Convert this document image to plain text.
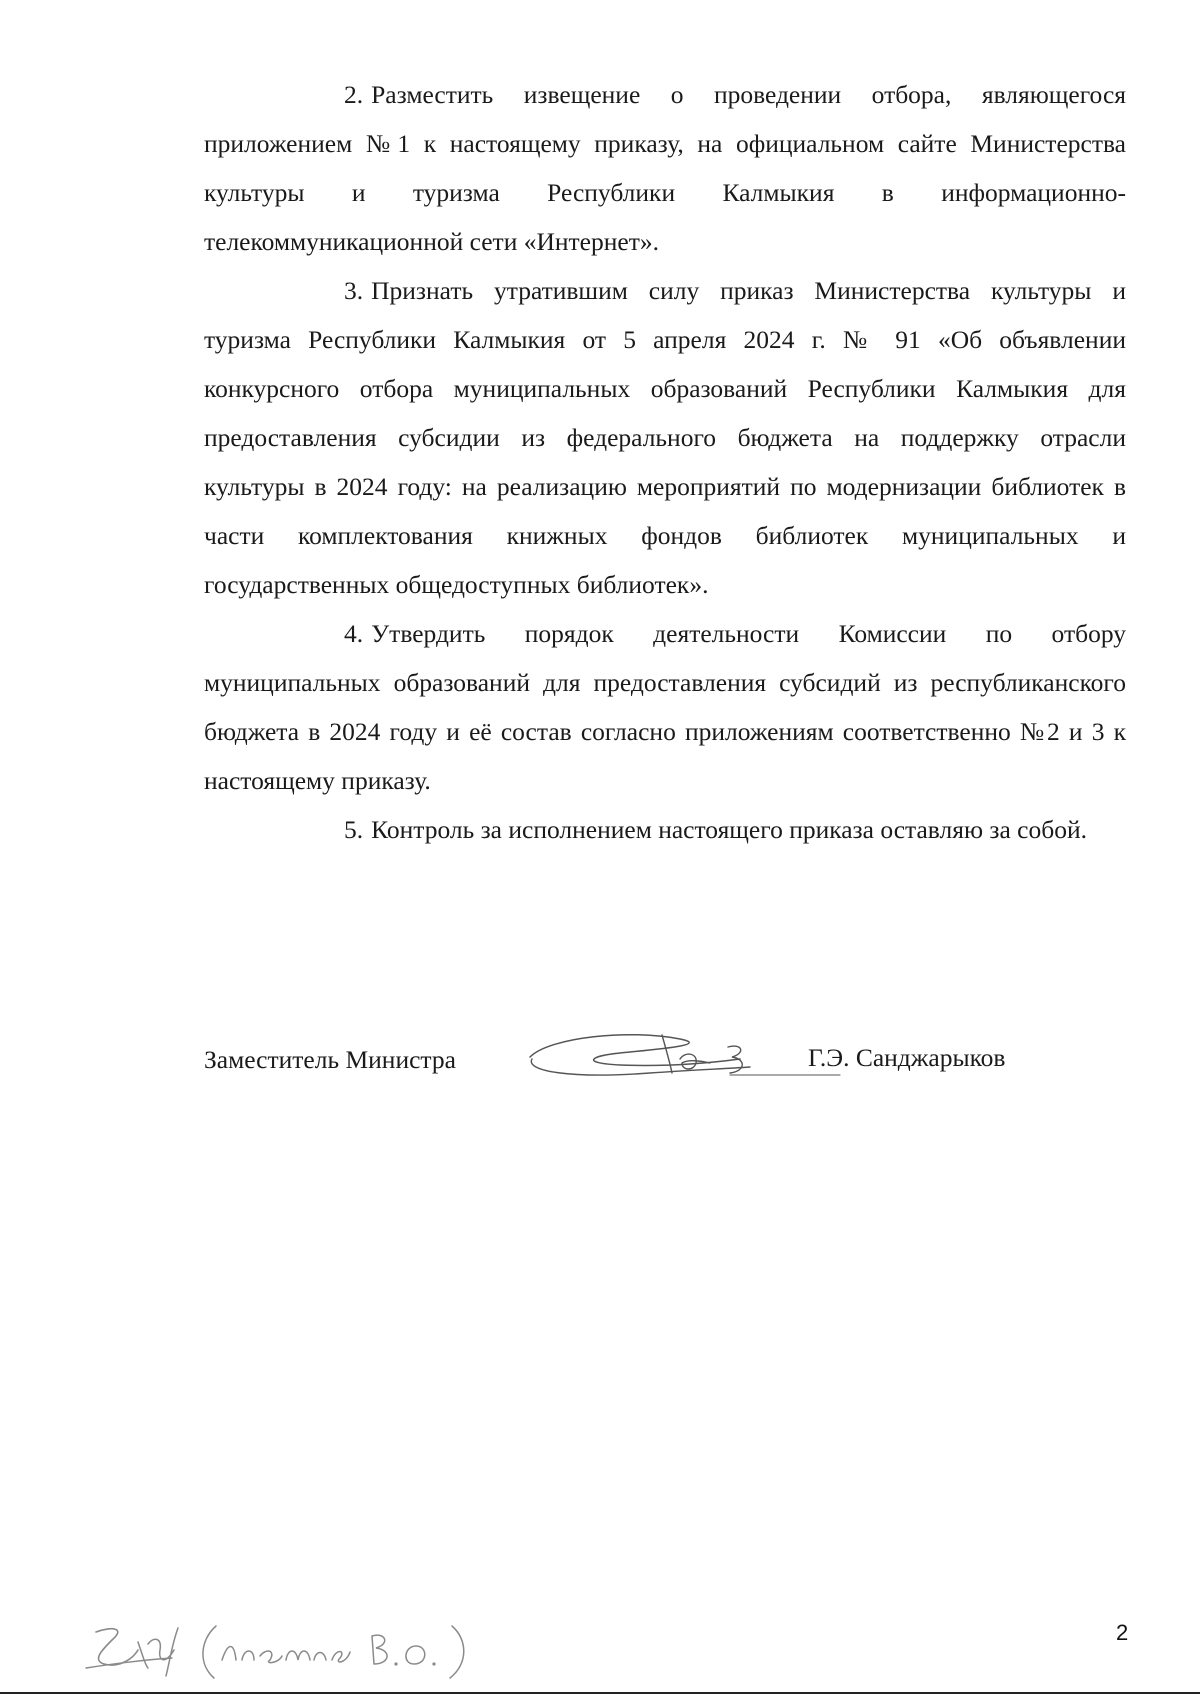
2. Разместить извещение о проведении отбора, являющегося приложением №1 к настоящему приказу, на официальном сайте Министерства культуры и туризма Республики Калмыкия в информационно- телекоммуникационной сети «Интернет».

3. Признать утратившим силу приказ Министерства культуры и туризма Республики Калмыкия от 5 апреля 2024 г. № 91 «Об объявлении конкурсного отбора муниципальных образований Республики Калмыкия для предоставления субсидии из федерального бюджета на поддержку отрасли культуры в 2024 году: на реализацию мероприятий по модернизации библиотек в части комплектования книжных фондов библиотек муниципальных и государственных общедоступных библиотек».

4. Утвердить порядок деятельности Комиссии по отбору муниципальных образований для предоставления субсидий из республиканского бюджета в 2024 году и её состав согласно приложениям соответственно №2 и 3 к настоящему приказу.

5. Контроль за исполнением настоящего приказа оставляю за собой.

Заместитель Министра	Г.Э. Санджарыков
2
